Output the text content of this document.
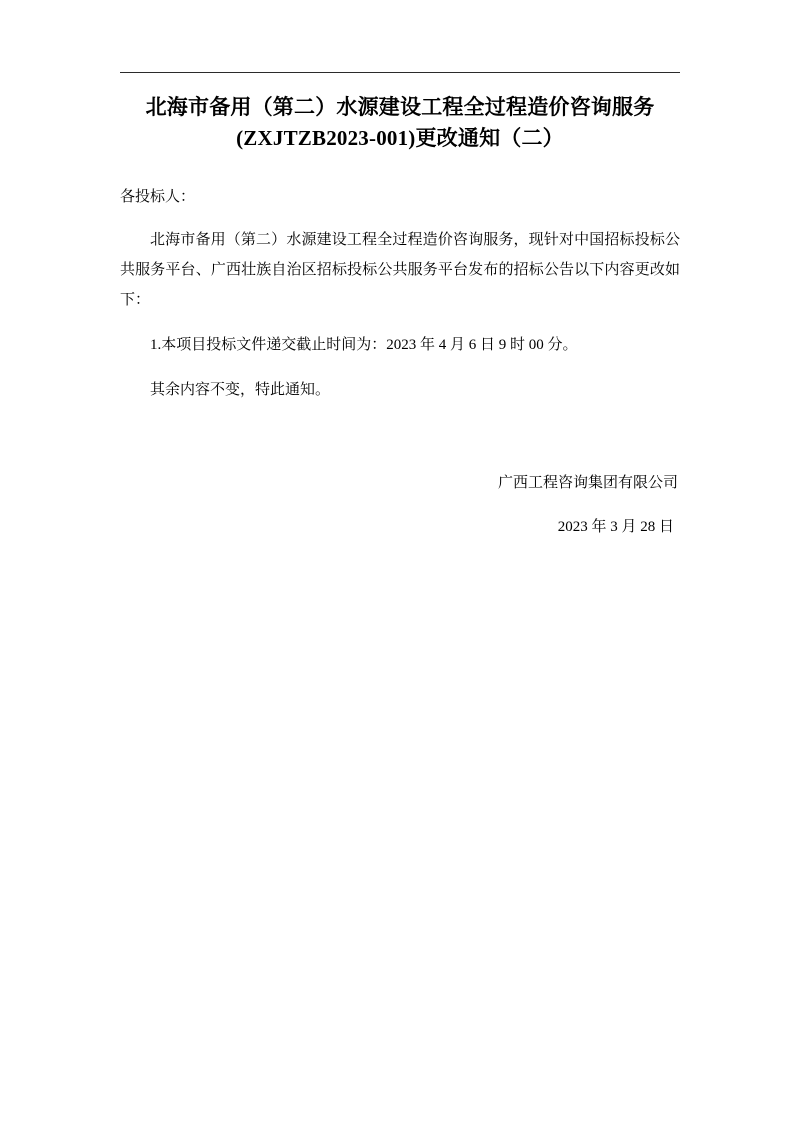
北海市备用（第二）水源建设工程全过程造价咨询服务
(ZXJTZB2023-001)更改通知（二）

各投标人：

北海市备用（第二）水源建设工程全过程造价咨询服务，现针对中国招标投标公共服务平台、广西壮族自治区招标投标公共服务平台发布的招标公告以下内容更改如下：

1.本项目投标文件递交截止时间为：2023 年 4 月 6 日 9 时 00 分。

其余内容不变，特此通知。

广西工程咨询集团有限公司
2023 年 3 月 28 日
